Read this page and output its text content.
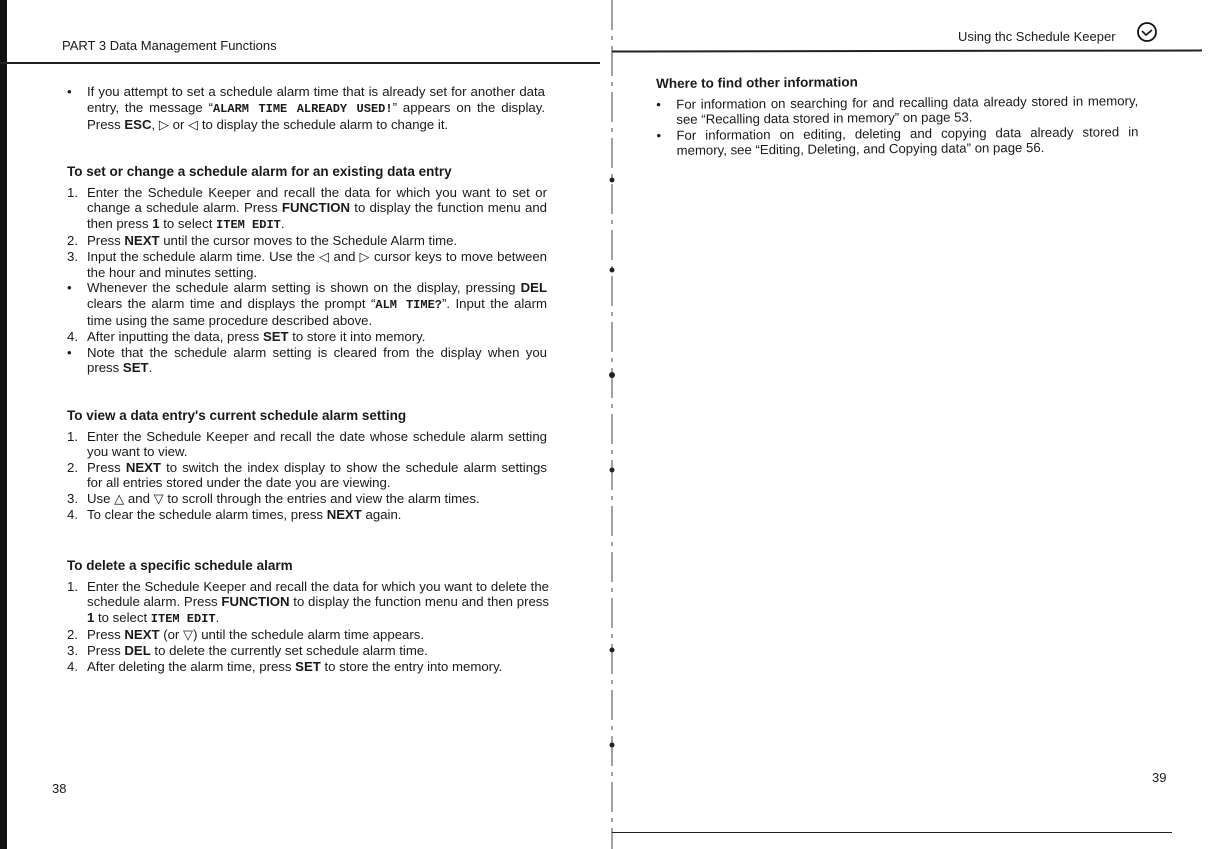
PART 3 Data Management Functions
• If you attempt to set a schedule alarm time that is already set for another data entry, the message “ALARM TIME ALREADY USED!” appears on the display. Press ESC, ▷ or ◁ to display the schedule alarm to change it.
To set or change a schedule alarm for an existing data entry
1. Enter the Schedule Keeper and recall the data for which you want to set or change a schedule alarm. Press FUNCTION to display the function menu and then press 1 to select ITEM EDIT.
2. Press NEXT until the cursor moves to the Schedule Alarm time.
3. Input the schedule alarm time. Use the ◁ and ▷ cursor keys to move between the hour and minutes setting.
• Whenever the schedule alarm setting is shown on the display, pressing DEL clears the alarm time and displays the prompt “ALM TIME?”. Input the alarm time using the same procedure described above.
4. After inputting the data, press SET to store it into memory.
• Note that the schedule alarm setting is cleared from the display when you press SET.
To view a data entry's current schedule alarm setting
1. Enter the Schedule Keeper and recall the date whose schedule alarm setting you want to view.
2. Press NEXT to switch the index display to show the schedule alarm settings for all entries stored under the date you are viewing.
3. Use △ and ▽ to scroll through the entries and view the alarm times.
4. To clear the schedule alarm times, press NEXT again.
To delete a specific schedule alarm
1. Enter the Schedule Keeper and recall the data for which you want to delete the schedule alarm. Press FUNCTION to display the function menu and then press 1 to select ITEM EDIT.
2. Press NEXT (or ▽) until the schedule alarm time appears.
3. Press DEL to delete the currently set schedule alarm time.
4. After deleting the alarm time, press SET to store the entry into memory.
38
Using thc Schedule Keeper
Where to find other information
• For information on searching for and recalling data already stored in memory, see “Recalling data stored in memory” on page 53.
• For information on editing, deleting and copying data already stored in memory, see “Editing, Deleting, and Copying data” on page 56.
39
